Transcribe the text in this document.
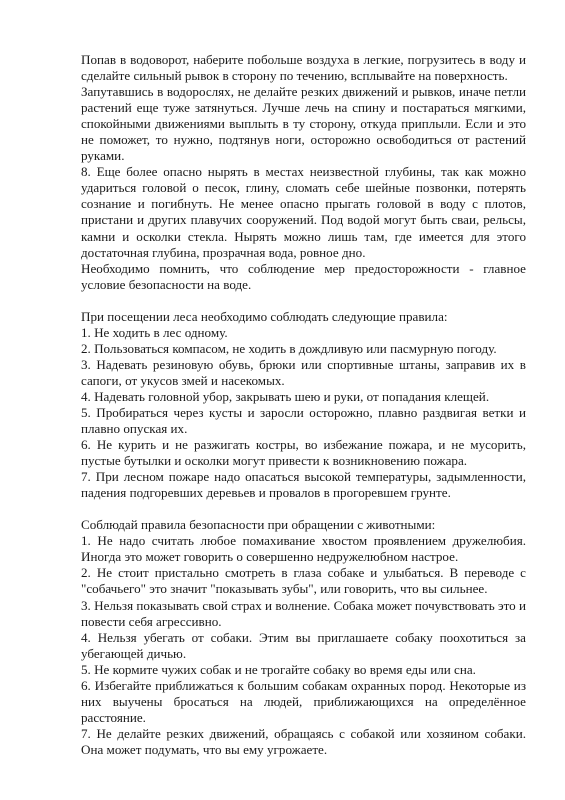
Попав в водоворот, наберите побольше воздуха в легкие, погрузитесь в воду и сделайте сильный рывок в сторону по течению, всплывайте на поверхность.

Запутавшись в водорослях, не делайте резких движений и рывков, иначе петли растений еще туже затянуться. Лучше лечь на спину и постараться мягкими, спокойными движениями выплыть в ту сторону, откуда приплыли. Если и это не поможет, то нужно, подтянув ноги, осторожно освободиться от растений руками.

8. Еще более опасно нырять в местах неизвестной глубины, так как можно удариться головой о песок, глину, сломать себе шейные позвонки, потерять сознание и погибнуть. Не менее опасно прыгать головой в воду с плотов, пристани и других плавучих сооружений. Под водой могут быть сваи, рельсы, камни и осколки стекла. Нырять можно лишь там, где имеется для этого достаточная глубина, прозрачная вода, ровное дно.

Необходимо помнить, что соблюдение мер предосторожности - главное условие безопасности на воде.

При посещении леса необходимо соблюдать следующие правила:

1. Не ходить в лес одному.

2. Пользоваться компасом, не ходить в дождливую или пасмурную погоду.

3. Надевать резиновую обувь, брюки или спортивные штаны, заправив их в сапоги, от укусов змей и насекомых.

4. Надевать головной убор, закрывать шею и руки, от попадания клещей.

5. Пробираться через кусты и заросли осторожно, плавно раздвигая ветки и плавно опуская их.

6. Не курить и не разжигать костры, во избежание пожара, и не мусорить, пустые бутылки и осколки могут привести к возникновению пожара.

7. При лесном пожаре надо опасаться высокой температуры, задымленности, падения подгоревших деревьев и провалов в прогоревшем грунте.

Соблюдай правила безопасности при обращении с животными:

1. Не надо считать любое помахивание хвостом проявлением дружелюбия. Иногда это может говорить о совершенно недружелюбном настрое.

2. Не стоит пристально смотреть в глаза собаке и улыбаться. В переводе с "собачьего" это значит "показывать зубы", или говорить, что вы сильнее.

3. Нельзя показывать свой страх и волнение. Собака может почувствовать это и повести себя агрессивно.

4. Нельзя убегать от собаки. Этим вы приглашаете собаку поохотиться за убегающей дичью.

5. Не кормите чужих собак и не трогайте собаку во время еды или сна.

6. Избегайте приближаться к большим собакам охранных пород. Некоторые из них выучены бросаться на людей, приближающихся на определённое расстояние.

7. Не делайте резких движений, обращаясь с собакой или хозяином собаки. Она может подумать, что вы ему угрожаете.
